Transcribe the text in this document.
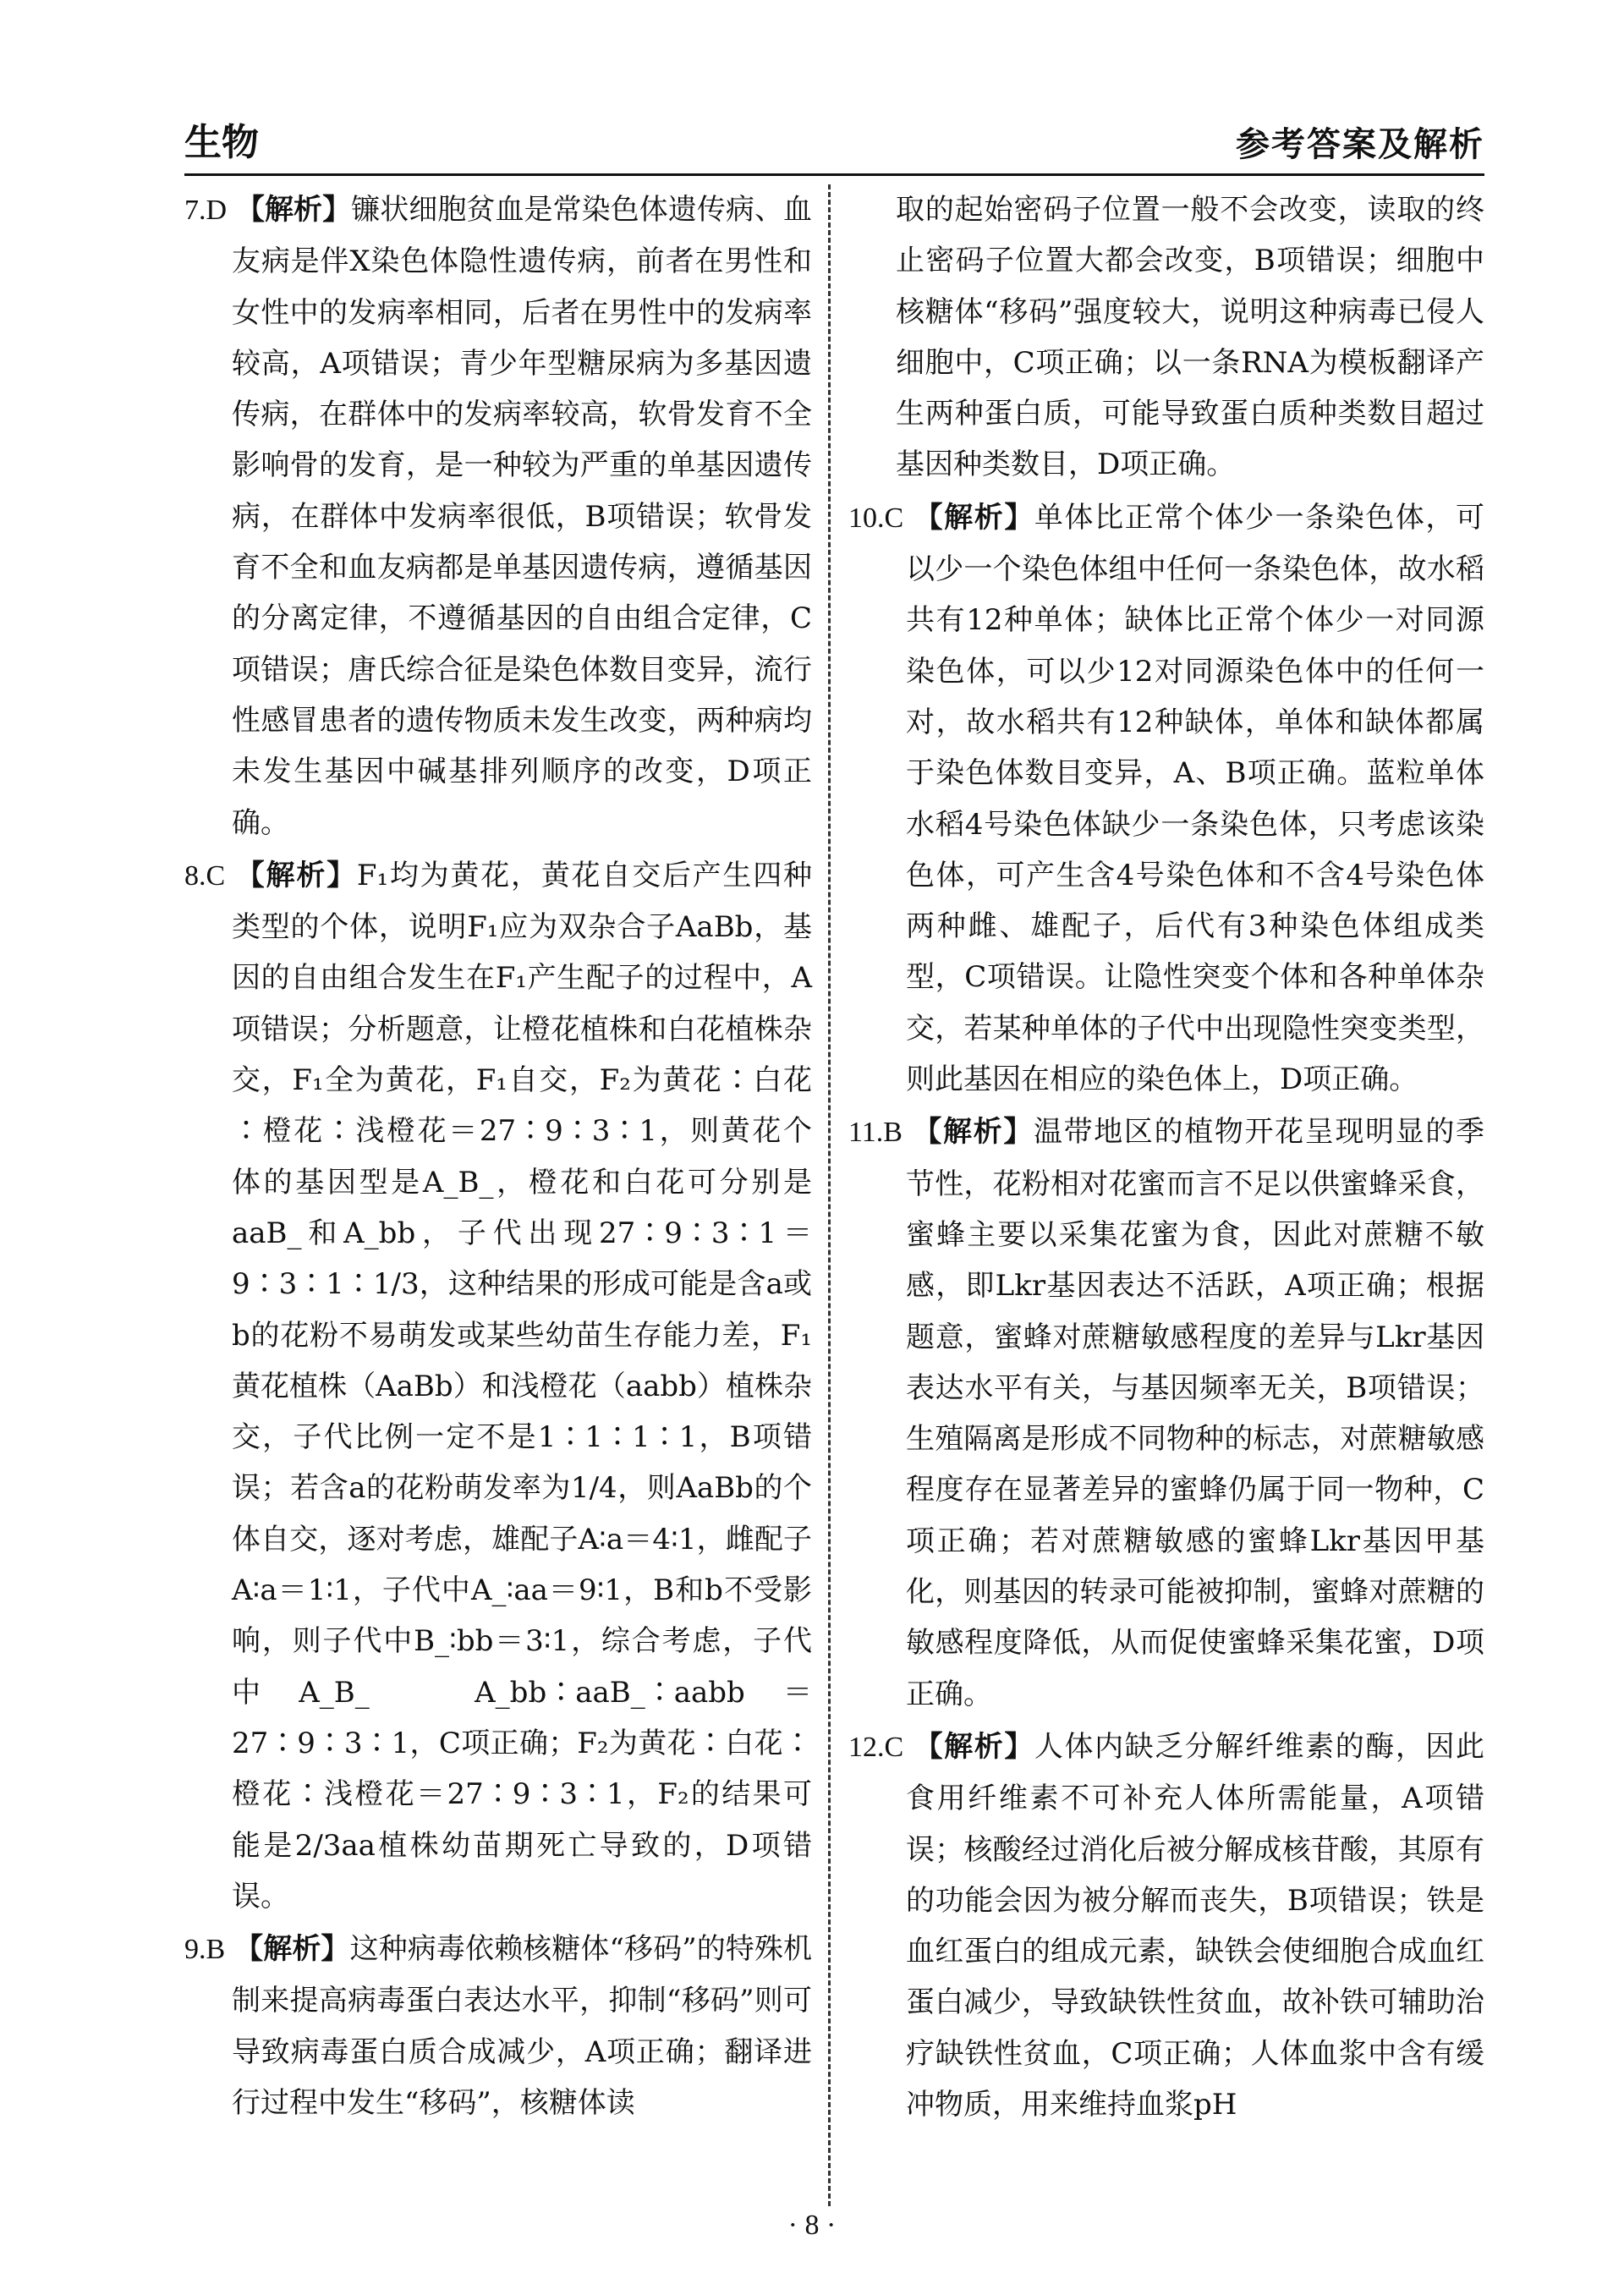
生物	参考答案及解析

7.D 【解析】镰状细胞贫血是常染色体遗传病、血友病是伴X染色体隐性遗传病，前者在男性和女性中的发病率相同，后者在男性中的发病率较高，A项错误；青少年型糖尿病为多基因遗传病，在群体中的发病率较高，软骨发育不全影响骨的发育，是一种较为严重的单基因遗传病，在群体中发病率很低，B项错误；软骨发育不全和血友病都是单基因遗传病，遵循基因的分离定律，不遵循基因的自由组合定律，C项错误；唐氏综合征是染色体数目变异，流行性感冒患者的遗传物质未发生改变，两种病均未发生基因中碱基排列顺序的改变，D项正确。

8.C 【解析】F₁均为黄花，黄花自交后产生四种类型的个体，说明F₁应为双杂合子AaBb，基因的自由组合发生在F₁产生配子的过程中，A项错误；分析题意，让橙花植株和白花植株杂交，F₁全为黄花，F₁自交，F₂为黄花∶白花∶橙花∶浅橙花＝27∶9∶3∶1，则黄花个体的基因型是A_B_，橙花和白花可分别是aaB_和A_bb，子代出现27∶9∶3∶1＝9∶3∶1∶1/3，这种结果的形成可能是含a或b的花粉不易萌发或某些幼苗生存能力差，F₁黄花植株（AaBb）和浅橙花（aabb）植株杂交，子代比例一定不是1∶1∶1∶1，B项错误；若含a的花粉萌发率为1/4，则AaBb的个体自交，逐对考虑，雄配子A∶a＝4∶1，雌配子A∶a＝1∶1，子代中A_∶aa＝9∶1，B和b不受影响，则子代中B_∶bb＝3∶1，综合考虑，子代中A_B_　A_bb∶aaB_∶aabb＝27∶9∶3∶1，C项正确；F₂为黄花∶白花∶橙花∶浅橙花＝27∶9∶3∶1，F₂的结果可能是2/3aa植株幼苗期死亡导致的，D项错误。

9.B 【解析】这种病毒依赖核糖体“移码”的特殊机制来提高病毒蛋白表达水平，抑制“移码”则可导致病毒蛋白质合成减少，A项正确；翻译进行过程中发生“移码”，核糖体读

取的起始密码子位置一般不会改变，读取的终止密码子位置大都会改变，B项错误；细胞中核糖体“移码”强度较大，说明这种病毒已侵人细胞中，C项正确；以一条RNA为模板翻译产生两种蛋白质，可能导致蛋白质种类数目超过基因种类数目，D项正确。

10.C 【解析】单体比正常个体少一条染色体，可以少一个染色体组中任何一条染色体，故水稻共有12种单体；缺体比正常个体少一对同源染色体，可以少12对同源染色体中的任何一对，故水稻共有12种缺体，单体和缺体都属于染色体数目变异，A、B项正确。蓝粒单体水稻4号染色体缺少一条染色体，只考虑该染色体，可产生含4号染色体和不含4号染色体两种雌、雄配子，后代有3种染色体组成类型，C项错误。让隐性突变个体和各种单体杂交，若某种单体的子代中出现隐性突变类型，则此基因在相应的染色体上，D项正确。

11.B 【解析】温带地区的植物开花呈现明显的季节性，花粉相对花蜜而言不足以供蜜蜂采食，蜜蜂主要以采集花蜜为食，因此对蔗糖不敏感，即Lkr基因表达不活跃，A项正确；根据题意，蜜蜂对蔗糖敏感程度的差异与Lkr基因表达水平有关，与基因频率无关，B项错误；生殖隔离是形成不同物种的标志，对蔗糖敏感程度存在显著差异的蜜蜂仍属于同一物种，C项正确；若对蔗糖敏感的蜜蜂Lkr基因甲基化，则基因的转录可能被抑制，蜜蜂对蔗糖的敏感程度降低，从而促使蜜蜂采集花蜜，D项正确。

12.C 【解析】人体内缺乏分解纤维素的酶，因此食用纤维素不可补充人体所需能量，A项错误；核酸经过消化后被分解成核苷酸，其原有的功能会因为被分解而丧失，B项错误；铁是血红蛋白的组成元素，缺铁会使细胞合成血红蛋白减少，导致缺铁性贫血，故补铁可辅助治疗缺铁性贫血，C项正确；人体血浆中含有缓冲物质，用来维持血浆pH

· 8 ·
